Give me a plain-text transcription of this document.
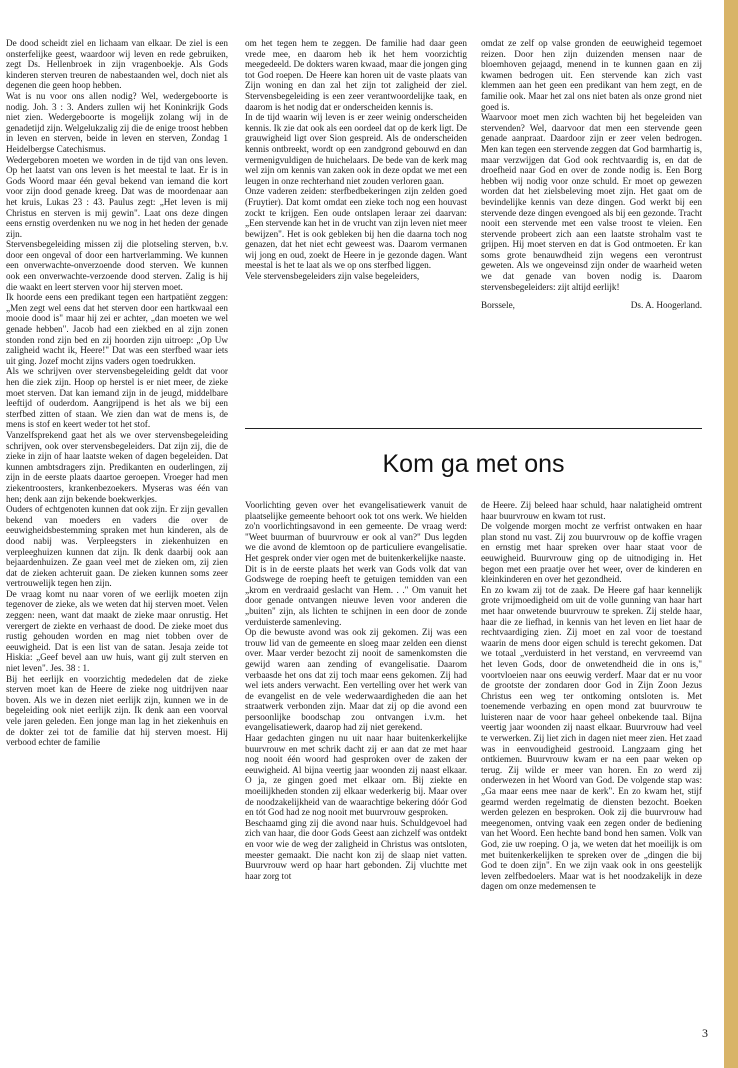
De dood scheidt ziel en lichaam van elkaar. De ziel is een onsterfelijke geest, waardoor wij leven en rede gebruiken, zegt Ds. Hellenbroek in zijn vragenboekje. Als Gods kinderen sterven treuren de nabestaanden wel, doch niet als degenen die geen hoop hebben.

Wat is nu voor ons allen nodig? Wel, wedergeboorte is nodig. Joh. 3 : 3. Anders zullen wij het Koninkrijk Gods niet zien. Wedergeboorte is mogelijk zolang wij in de genadetijd zijn. Welgelukzalig zij die de enige troost hebben in leven en sterven, beide in leven en sterven, Zondag 1 Heidelbergse Catechismus.

Wedergeboren moeten we worden in de tijd van ons leven. Op het laatst van ons leven is het meestal te laat. Er is in Gods Woord maar één geval bekend van iemand die kort voor zijn dood genade kreeg. Dat was de moordenaar aan het kruis, Lukas 23 : 43. Paulus zegt: „Het leven is mij Christus en sterven is mij gewin". Laat ons deze dingen eens ernstig overdenken nu we nog in het heden der genade zijn.

Stervensbegeleiding missen zij die plotseling sterven, b.v. door een ongeval of door een hartverlamming. We kunnen een onverwachte-onverzoende dood sterven. We kunnen ook een onverwachte-verzoende dood sterven. Zalig is hij die waakt en leert sterven voor hij sterven moet.

Ik hoorde eens een predikant tegen een hartpatiënt zeggen: „Men zegt wel eens dat het sterven door een hartkwaal een mooie dood is" maar hij zei er achter, „dan moeten we wel genade hebben". Jacob had een ziekbed en al zijn zonen stonden rond zijn bed en zij hoorden zijn uitroep: „Op Uw zaligheid wacht ik, Heere!" Dat was een sterfbed waar iets uit ging. Jozef mocht zijns vaders ogen toedrukken.

Als we schrijven over stervensbegeleiding geldt dat voor hen die ziek zijn. Hoop op herstel is er niet meer, de zieke moet sterven. Dat kan iemand zijn in de jeugd, middelbare leeftijd of ouderdom. Aangrijpend is het als we bij een sterfbed zitten of staan. We zien dan wat de mens is, de mens is stof en keert weder tot het stof.

Vanzelfsprekend gaat het als we over stervensbegeleiding schrijven, ook over stervensbegeleiders. Dat zijn zij, die de zieke in zijn of haar laatste weken of dagen begeleiden. Dat kunnen ambtsdragers zijn. Predikanten en ouderlingen, zij zijn in de eerste plaats daartoe geroepen. Vroeger had men ziekentroosters, krankenbezoekers. Myseras was één van hen; denk aan zijn bekende boekwerkjes.

Ouders of echtgenoten kunnen dat ook zijn. Er zijn gevallen bekend van moeders en vaders die over de eeuwigheidsbestemming spraken met hun kinderen, als de dood nabij was. Verpleegsters in ziekenhuizen en verpleeghuizen kunnen dat zijn. Ik denk daarbij ook aan bejaardenhuizen. Ze gaan veel met de zieken om, zij zien dat de zieken achteruit gaan. De zieken kunnen soms zeer vertrouwelijk tegen hen zijn.

De vraag komt nu naar voren of we eerlijk moeten zijn tegenover de zieke, als we weten dat hij sterven moet. Velen zeggen: neen, want dat maakt de zieke maar onrustig. Het verergert de ziekte en verhaast de dood. De zieke moet dus rustig gehouden worden en mag niet tobben over de eeuwigheid. Dat is een list van de satan. Jesaja zeide tot Hiskia: „Geef bevel aan uw huis, want gij zult sterven en niet leven". Jes. 38 : 1.

Bij het eerlijk en voorzichtig mededelen dat de zieke sterven moet kan de Heere de zieke nog uitdrijven naar boven. Als we in dezen niet eerlijk zijn, kunnen we in de begeleiding ook niet eerlijk zijn. Ik denk aan een voorval vele jaren geleden. Een jonge man lag in het ziekenhuis en de dokter zei tot de familie dat hij sterven moest. Hij verbood echter de familie

om het tegen hem te zeggen. De familie had daar geen vrede mee, en daarom heb ik het hem voorzichtig meegedeeld. De dokters waren kwaad, maar die jongen ging tot God roepen. De Heere kan horen uit de vaste plaats van Zijn woning en dan zal het zijn tot zaligheid der ziel. Stervensbegeleiding is een zeer verantwoordelijke taak, en daarom is het nodig dat er onderscheiden kennis is.

In de tijd waarin wij leven is er zeer weinig onderscheiden kennis. Ik zie dat ook als een oordeel dat op de kerk ligt. De grauwigheid ligt over Sion gespreid. Als de onderscheiden kennis ontbreekt, wordt op een zandgrond gebouwd en dan vermenigvuldigen de huichelaars. De bede van de kerk mag wel zijn om kennis van zaken ook in deze opdat we met een leugen in onze rechterhand niet zouden verloren gaan.

Onze vaderen zeiden: sterfbedbekeringen zijn zelden goed (Fruytier). Dat komt omdat een zieke toch nog een houvast zockt te krijgen. Een oude ontslapen leraar zei daarvan: „Een stervende kan het in de vrucht van zijn leven niet meer bewijzen". Het is ook gebleken bij hen die daarna toch nog genazen, dat het niet echt geweest was. Daarom vermanen wij jong en oud, zoekt de Heere in je gezonde dagen. Want meestal is het te laat als we op ons sterfbed liggen.

Vele stervensbegeleiders zijn valse begeleiders,

omdat ze zelf op valse gronden de eeuwigheid tegemoet reizen. Door hen zijn duizenden mensen naar de bloemhoven gejaagd, menend in te kunnen gaan en zij kwamen bedrogen uit. Een stervende kan zich vast klemmen aan het geen een predikant van hem zegt, en de familie ook. Maar het zal ons niet baten als onze grond niet goed is.

Waarvoor moet men zich wachten bij het begeleiden van stervenden? Wel, daarvoor dat men een stervende geen genade aanpraat. Daardoor zijn er zeer velen bedrogen. Men kan tegen een stervende zeggen dat God barmhartig is, maar verzwijgen dat God ook rechtvaardig is, en dat de droefheid naar God en over de zonde nodig is. Een Borg hebben wij nodig voor onze schuld. Er moet op gewezen worden dat het zielsbeleving moet zijn. Het gaat om de bevindelijke kennis van deze dingen. God werkt bij een stervende deze dingen evengoed als bij een gezonde. Tracht nooit een stervende met een valse troost te vleien. Een stervende probeert zich aan een laatste strohalm vast te grijpen. Hij moet sterven en dat is God ontmoeten. Er kan soms grote benauwdheid zijn wegens een verontrust geweten. Als we ongeveinsd zijn onder de waarheid weten we dat genade van boven nodig is. Daarom stervensbegeleiders: zijt altijd eerlijk!

Borssele,	Ds. A. Hoogerland.
Kom ga met ons

Voorlichting geven over het evangelisatiewerk vanuit de plaatselijke gemeente behoort ook tot ons werk. We hielden zo'n voorlichtingsavond in een gemeente. De vraag werd: "Weet buurman of buurvrouw er ook al van?" Dus legden we die avond de klemtoon op de particuliere evangelisatie. Het gesprek onder vier ogen met de buitenkerkelijke naaste.

Dit is in de eerste plaats het werk van Gods volk dat van Godswege de roeping heeft te getuigen temidden van een „krom en verdraaid geslacht van Hem. . ." Om vanuit het door genade ontvangen nieuwe leven voor anderen die „buiten" zijn, als lichten te schijnen in een door de zonde verduisterde samenleving.

Op die bewuste avond was ook zij gekomen. Zij was een trouw lid van de gemeente en sloeg maar zelden een dienst over. Maar verder bezocht zij nooit de samenkomsten die gewijd waren aan zending of evangelisatie. Daarom verbaasde het ons dat zij toch maar eens gekomen. Zij had wel iets anders verwacht. Een vertelling over het werk van de evangelist en de vele wederwaardigheden die aan het straatwerk verbonden zijn. Maar dat zij op die avond een persoonlijke boodschap zou ontvangen i.v.m. het evangelisatiewerk, daarop had zij niet gerekend.

Haar gedachten gingen nu uit naar haar buitenkerkelijke buurvrouw en met schrik dacht zij er aan dat ze met haar nog nooit één woord had gesproken over de zaken der eeuwigheid. Al bijna veertig jaar woonden zij naast elkaar. O ja, ze gingen goed met elkaar om. Bij ziekte en moeilijkheden stonden zij elkaar wederkerig bij. Maar over de noodzakelijkheid van de waarachtige bekering dóór God en tót God had ze nog nooit met buurvrouw gesproken.

Beschaamd ging zij die avond naar huis. Schuldgevoel had zich van haar, die door Gods Geest aan zichzelf was ontdekt en voor wie de weg der zaligheid in Christus was ontsloten, meester gemaakt. Die nacht kon zij de slaap niet vatten. Buurvrouw werd op haar hart gebonden. Zij vluchtte met haar zorg tot

de Heere. Zij beleed haar schuld, haar nalatigheid omtrent haar buurvrouw en kwam tot rust.

De volgende morgen mocht ze verfrist ontwaken en haar plan stond nu vast. Zij zou buurvrouw op de koffie vragen en ernstig met haar spreken over haar staat voor de eeuwigheid. Buurvrouw ging op de uitnodiging in. Het begon met een praatje over het weer, over de kinderen en kleinkinderen en over het gezondheid.

En zo kwam zij tot de zaak. De Heere gaf haar kennelijk grote vrijmoedigheid om uit de volle gunning van haar hart met haar onwetende buurvrouw te spreken. Zij stelde haar, haar die ze liefhad, in kennis van het leven en liet haar de rechtvaardiging zien. Zij moet en zal voor de toestand waarin de mens door eigen schuld is terecht gekomen. Dat we totaal „verduisterd in het verstand, en vervreemd van het leven Gods, door de onwetendheid die in ons is," voortvloeien naar ons eeuwig verderf. Maar dat er nu voor de grootste der zondaren door God in Zijn Zoon Jezus Christus een weg ter ontkoming ontsloten is. Met toenemende verbazing en open mond zat buurvrouw te luisteren naar de voor haar geheel onbekende taal. Bijna veertig jaar woonden zij naast elkaar. Buurvrouw had veel te verwerken. Zij liet zich in dagen niet meer zien. Het zaad was in eenvoudigheid gestrooid. Langzaam ging het ontkiemen. Buurvrouw kwam er na een paar weken op terug. Zij wilde er meer van horen. En zo werd zij onderwezen in het Woord van God. De volgende stap was: „Ga maar eens mee naar de kerk". En zo kwam het, stijf gearmd werden regelmatig de diensten bezocht. Boeken werden gelezen en besproken. Ook zij die buurvrouw had meegenomen, ontving vaak een zegen onder de bediening van het Woord. Een hechte band bond hen samen. Volk van God, zie uw roeping. O ja, we weten dat het moeilijk is om met buitenkerkelijken te spreken over de „dingen die bij God te doen zijn". En we zijn vaak ook in ons geestelijk leven zelfbedoelers. Maar wat is het noodzakelijk in deze dagen om onze medemensen te

3
